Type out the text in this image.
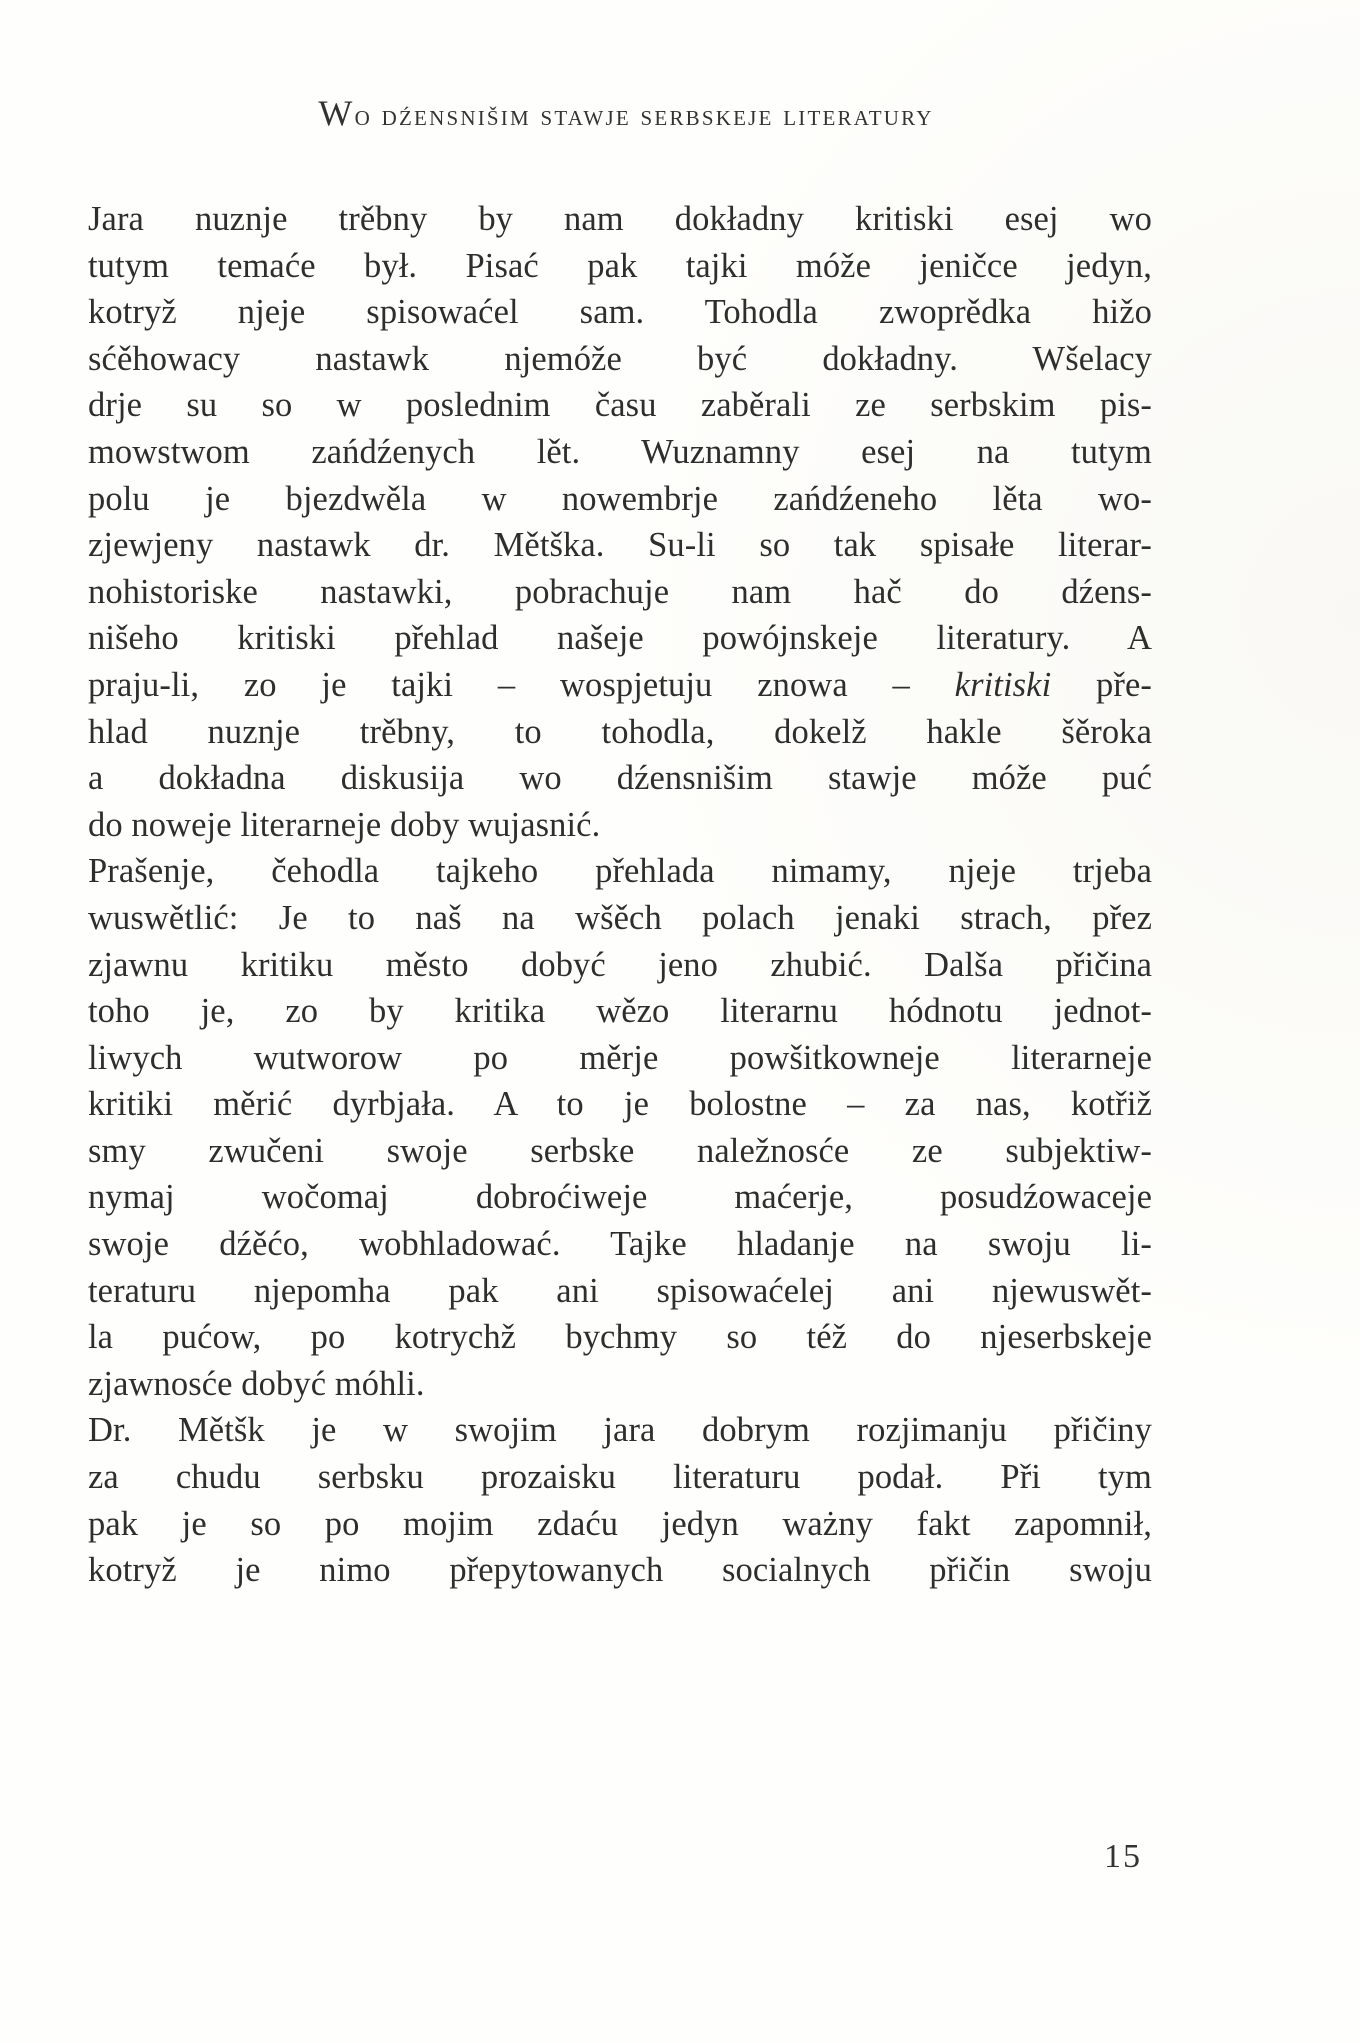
Wo dźensnišim stawje serbskeje literatury
Jara nuznje trěbny by nam dokładny kritiski esej wo
tutym temaće był. Pisać pak tajki móže jeničce jedyn,
kotryž njeje spisowaćel sam. Tohodla zwoprědka hižo
sćěhowacy nastawk njemóže być dokładny. Wšelacy
drje su so w poslednim času zaběrali ze serbskim pis-
mowstwom zańdźenych lět. Wuznamny esej na tutym
polu je bjezdwěla w nowembrje zańdźeneho lěta wo-
zjewjeny nastawk dr. Mětška. Su-li so tak spisałe literar-
nohistoriske nastawki, pobrachuje nam hač do dźens-
nišeho kritiski přehlad našeje powójnskeje literatury. A
praju-li, zo je tajki – wospjetuju znowa – kritiski pře-
hlad nuznje trěbny, to tohodla, dokelž hakle šěroka
a dokładna diskusija wo dźensnišim stawje móže puć
do noweje literarneje doby wujasnić.
Prašenje, čehodla tajkeho přehlada nimamy, njeje trjeba
wuswětlić: Je to naš na wšěch polach jenaki strach, přez
zjawnu kritiku město dobyć jeno zhubić. Dalša přičina
toho je, zo by kritika wězo literarnu hódnotu jednot-
liwych wutworow po měrje powšitkowneje literarneje
kritiki měrić dyrbjała. A to je bolostne – za nas, kotřiž
smy zwučeni swoje serbske naležnosće ze subjektiw-
nymaj wočomaj dobroćiweje maćerje, posudźowaceje
swoje dźěćo, wobhladować. Tajke hladanje na swoju li-
teraturu njepomha pak ani spisowaćelej ani njewuswět-
la pućow, po kotrychž bychmy so též do njeserbskeje
zjawnosće dobyć móhli.
Dr. Mětšk je w swojim jara dobrym rozjimanju přičiny
za chudu serbsku prozaisku literaturu podał. Při tym
pak je so po mojim zdaću jedyn ważny fakt zapomnił,
kotryž je nimo přepytowanych socialnych přičin swoju
15
